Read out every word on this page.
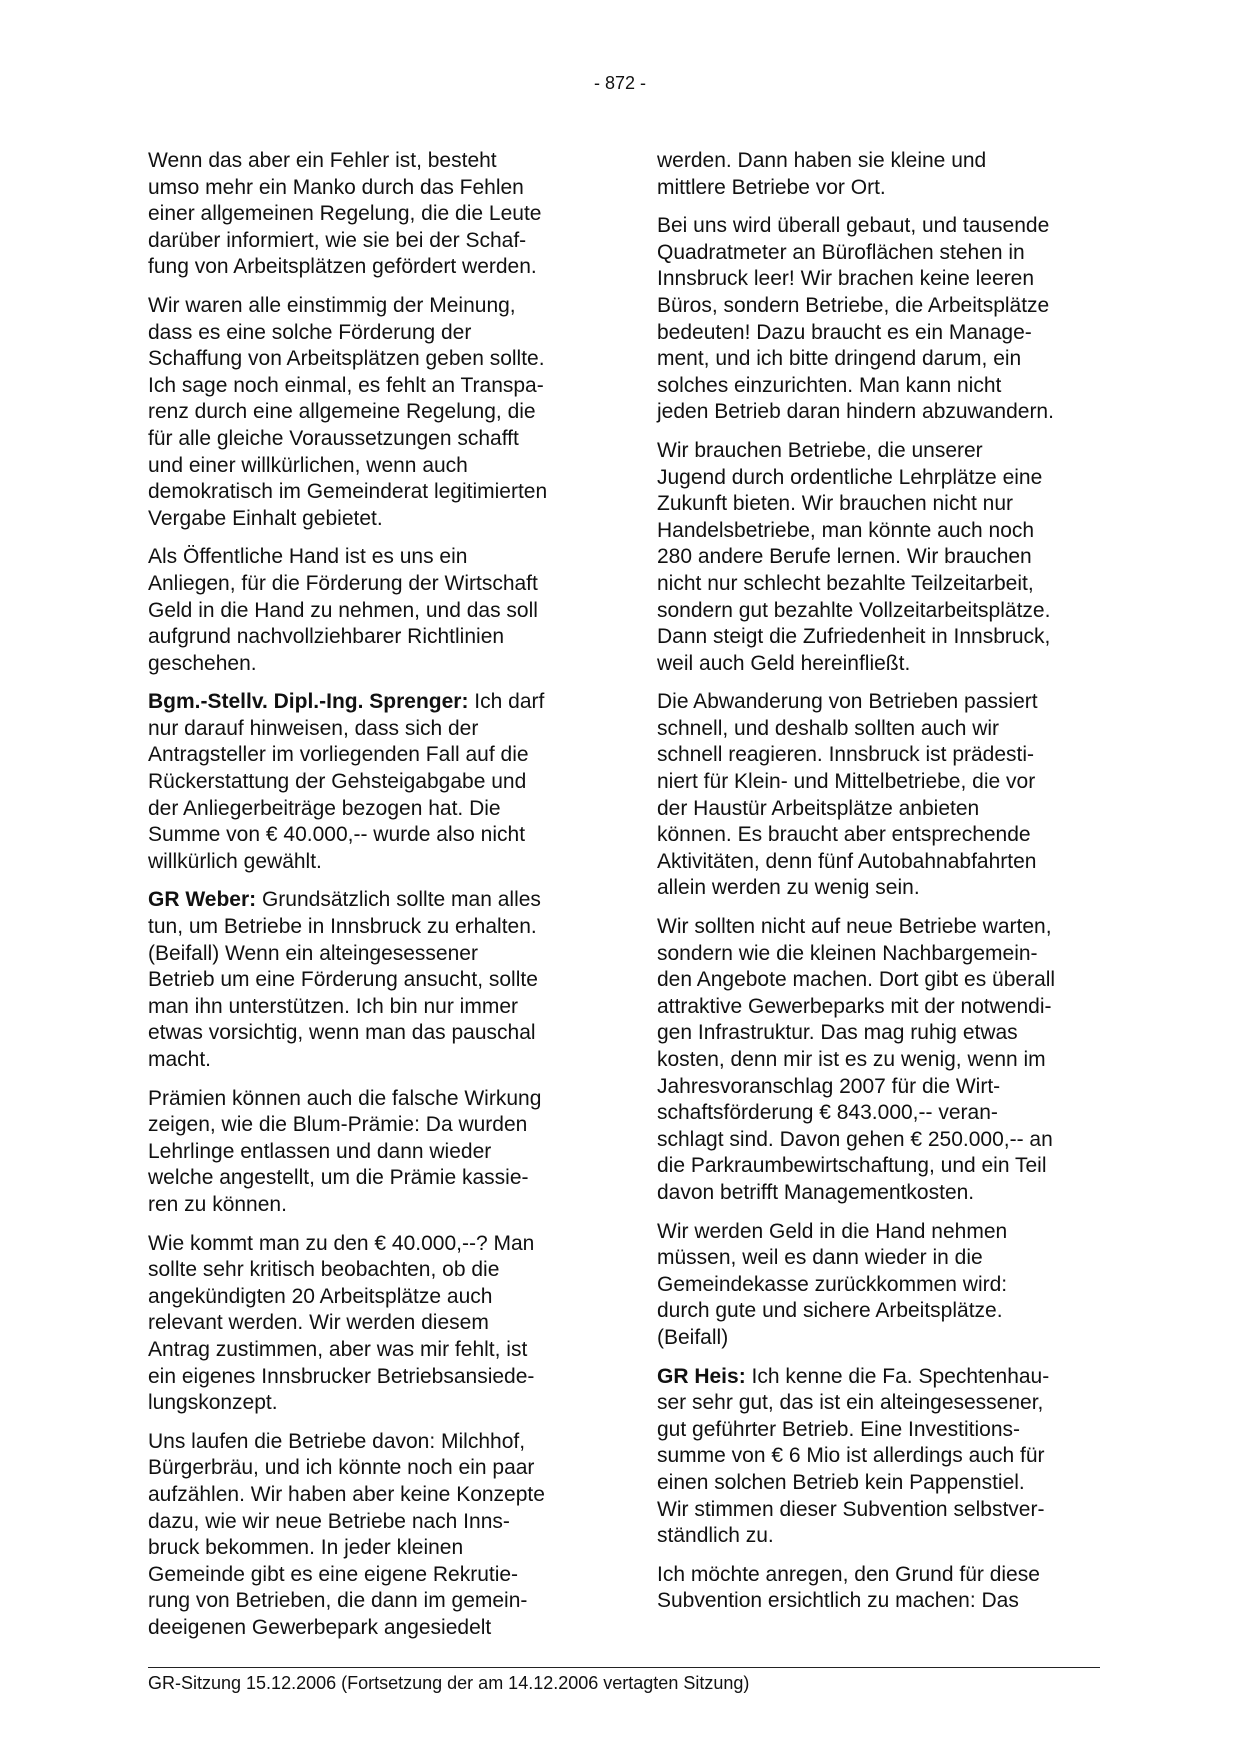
- 872 -

Wenn das aber ein Fehler ist, besteht
umso mehr ein Manko durch das Fehlen
einer allgemeinen Regelung, die die Leute
darüber informiert, wie sie bei der Schaf-
fung von Arbeitsplätzen gefördert werden.

Wir waren alle einstimmig der Meinung,
dass es eine solche Förderung der
Schaffung von Arbeitsplätzen geben sollte.
Ich sage noch einmal, es fehlt an Transpa-
renz durch eine allgemeine Regelung, die
für alle gleiche Voraussetzungen schafft
und einer willkürlichen, wenn auch
demokratisch im Gemeinderat legitimierten
Vergabe Einhalt gebietet.

Als Öffentliche Hand ist es uns ein
Anliegen, für die Förderung der Wirtschaft
Geld in die Hand zu nehmen, und das soll
aufgrund nachvollziehbarer Richtlinien
geschehen.

Bgm.-Stellv. Dipl.-Ing. Sprenger: Ich darf
nur darauf hinweisen, dass sich der
Antragsteller im vorliegenden Fall auf die
Rückerstattung der Gehsteigabgabe und
der Anliegerbeiträge bezogen hat. Die
Summe von € 40.000,-- wurde also nicht
willkürlich gewählt.

GR Weber: Grundsätzlich sollte man alles
tun, um Betriebe in Innsbruck zu erhalten.
(Beifall) Wenn ein alteingesessener
Betrieb um eine Förderung ansucht, sollte
man ihn unterstützen. Ich bin nur immer
etwas vorsichtig, wenn man das pauschal
macht.

Prämien können auch die falsche Wirkung
zeigen, wie die Blum-Prämie: Da wurden
Lehrlinge entlassen und dann wieder
welche angestellt, um die Prämie kassie-
ren zu können.

Wie kommt man zu den € 40.000,--? Man
sollte sehr kritisch beobachten, ob die
angekündigten 20 Arbeitsplätze auch
relevant werden. Wir werden diesem
Antrag zustimmen, aber was mir fehlt, ist
ein eigenes Innsbrucker Betriebsansiede-
lungskonzept.

Uns laufen die Betriebe davon: Milchhof,
Bürgerbräu, und ich könnte noch ein paar
aufzählen. Wir haben aber keine Konzepte
dazu, wie wir neue Betriebe nach Inns-
bruck bekommen. In jeder kleinen
Gemeinde gibt es eine eigene Rekrutie-
rung von Betrieben, die dann im gemein-
deeigenen Gewerbepark angesiedelt

werden. Dann haben sie kleine und
mittlere Betriebe vor Ort.

Bei uns wird überall gebaut, und tausende
Quadratmeter an Büroflächen stehen in
Innsbruck leer! Wir brachen keine leeren
Büros, sondern Betriebe, die Arbeitsplätze
bedeuten! Dazu braucht es ein Manage-
ment, und ich bitte dringend darum, ein
solches einzurichten. Man kann nicht
jeden Betrieb daran hindern abzuwandern.

Wir brauchen Betriebe, die unserer
Jugend durch ordentliche Lehrplätze eine
Zukunft bieten. Wir brauchen nicht nur
Handelsbetriebe, man könnte auch noch
280 andere Berufe lernen. Wir brauchen
nicht nur schlecht bezahlte Teilzeitarbeit,
sondern gut bezahlte Vollzeitarbeitsplätze.
Dann steigt die Zufriedenheit in Innsbruck,
weil auch Geld hereinfließt.

Die Abwanderung von Betrieben passiert
schnell, und deshalb sollten auch wir
schnell reagieren. Innsbruck ist prädesti-
niert für Klein- und Mittelbetriebe, die vor
der Haustür Arbeitsplätze anbieten
können. Es braucht aber entsprechende
Aktivitäten, denn fünf Autobahnabfahrten
allein werden zu wenig sein.

Wir sollten nicht auf neue Betriebe warten,
sondern wie die kleinen Nachbargemein-
den Angebote machen. Dort gibt es überall
attraktive Gewerbeparks mit der notwendi-
gen Infrastruktur. Das mag ruhig etwas
kosten, denn mir ist es zu wenig, wenn im
Jahresvoranschlag 2007 für die Wirt-
schaftsförderung € 843.000,-- veran-
schlagt sind. Davon gehen € 250.000,-- an
die Parkraumbewirtschaftung, und ein Teil
davon betrifft Managementkosten.

Wir werden Geld in die Hand nehmen
müssen, weil es dann wieder in die
Gemeindekasse zurückkommen wird:
durch gute und sichere Arbeitsplätze.
(Beifall)

GR Heis: Ich kenne die Fa. Spechtenhau-
ser sehr gut, das ist ein alteingesessener,
gut geführter Betrieb. Eine Investitions-
summe von € 6 Mio ist allerdings auch für
einen solchen Betrieb kein Pappenstiel.
Wir stimmen dieser Subvention selbstver-
ständlich zu.

Ich möchte anregen, den Grund für diese
Subvention ersichtlich zu machen: Das

GR-Sitzung 15.12.2006 (Fortsetzung der am 14.12.2006 vertagten Sitzung)
